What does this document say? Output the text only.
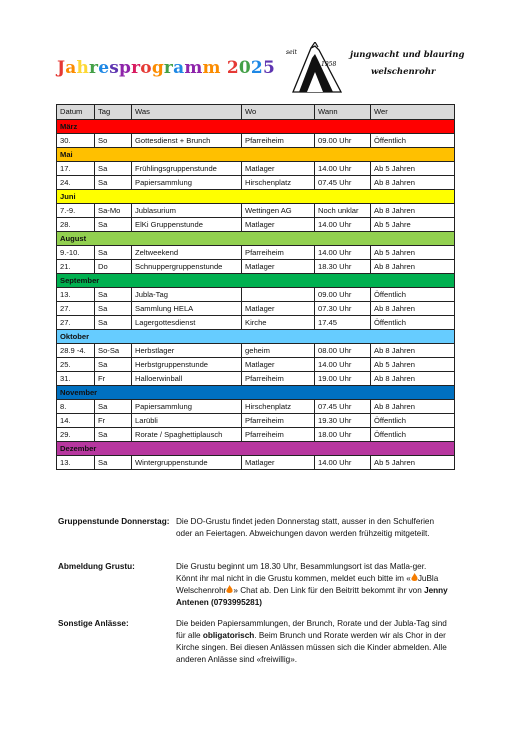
Jahresprogramm 2025
seit
1958
jungwacht und blauring
welschenrohr
Datum	Tag	Was	Wo	Wann	Wer
März					
30.	So	Gottesdienst + Brunch	Pfarreiheim	09.00 Uhr	Öffentlich
Mai					
17.	Sa	Frühlingsgruppenstunde	Matlager	14.00 Uhr	Ab 5 Jahren
24.	Sa	Papiersammlung	Hirschenplatz	07.45 Uhr	Ab 8 Jahren
Juni					
7.-9.	Sa-Mo	Jublasurium	Wettingen AG	Noch unklar	Ab 8 Jahren
28.	Sa	ElKi Gruppenstunde	Matlager	14.00 Uhr	Ab 5 Jahre
August					
9.-10.	Sa	Zeltweekend	Pfarreiheim	14.00 Uhr	Ab 5 Jahren
21.	Do	Schnuppergruppenstunde	Matlager	18.30 Uhr	Ab 8 Jahren
September					
13.	Sa	Jubla-Tag		09.00 Uhr	Öffentlich
27.	Sa	Sammlung HELA	Matlager	07.30 Uhr	Ab 8 Jahren
27.	Sa	Lagergottesdienst	Kirche	17.45	Öffentlich
Oktober					
28.9 -4.	So-Sa	Herbstlager	geheim	08.00 Uhr	Ab 8 Jahren
25.	Sa	Herbstgruppenstunde	Matlager	14.00 Uhr	Ab 5 Jahren
31.	Fr	Halloerwinball	Pfarreiheim	19.00 Uhr	Ab 8 Jahren
November					
8.	Sa	Papiersammlung	Hirschenplatz	07.45 Uhr	Ab 8 Jahren
14.	Fr	Larübli	Pfarreiheim	19.30 Uhr	Öffentlich
29.	Sa	Rorate / Spaghettiplausch	Pfarreiheim	18.00 Uhr	Öffentlich
Dezember					
13.	Sa	Wintergruppenstunde	Matlager	14.00 Uhr	Ab 5 Jahren
Gruppenstunde Donnerstag: Die DO-Grustu findet jeden Donnerstag statt, ausser in den Schulferien oder an Feiertagen. Abweichungen davon werden frühzeitig mitgeteilt.
Abmeldung Grustu:	Die Grustu beginnt um 18.30 Uhr, Besammlungsort ist das Matla-ger. Könnt ihr mal nicht in die Grustu kommen, meldet euch bitte im « JuBla Welschenrohr » Chat ab. Den Link für den Beitritt bekommt ihr von Jenny Antenen (0793995281)
Sonstige Anlässe:	Die beiden Papiersammlungen, der Brunch, Rorate und der Jubla-Tag sind für alle obligatorisch. Beim Brunch und Rorate werden wir als Chor in der Kirche singen. Bei diesen Anlässen müssen sich die Kinder abmelden. Alle anderen Anlässe sind «freiwillig».
